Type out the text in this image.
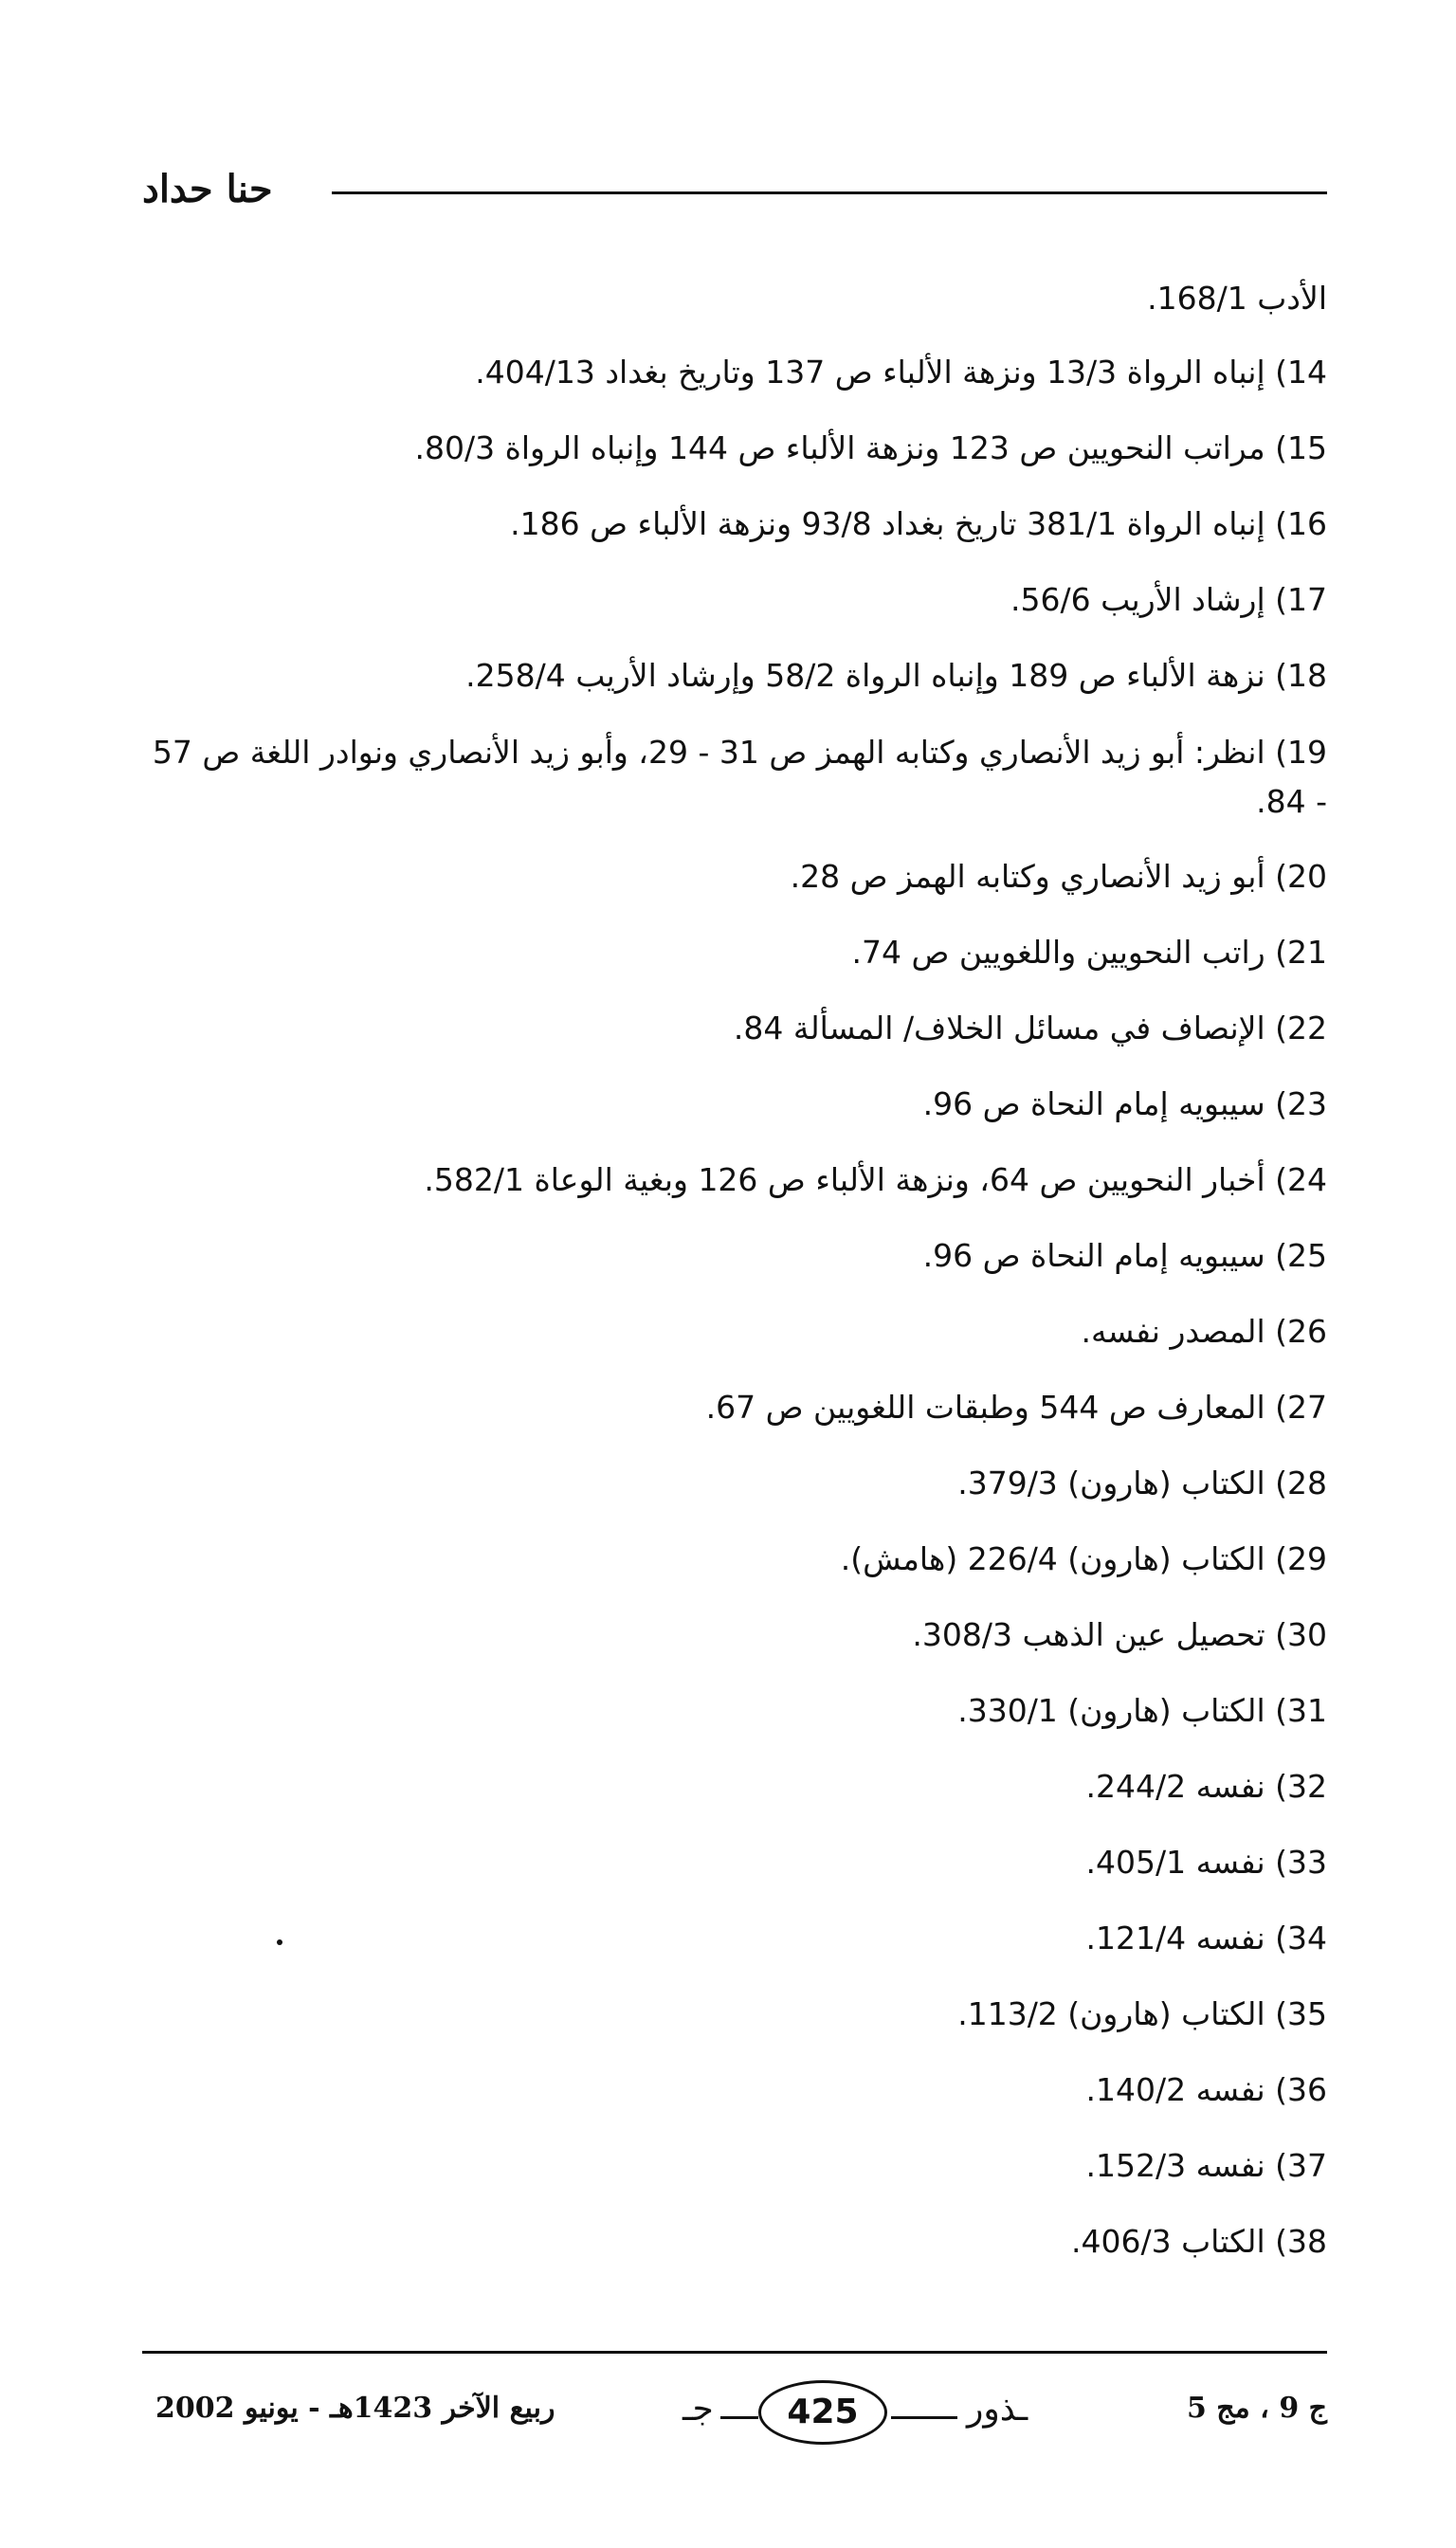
حنا حداد
الأدب 168/1.
14) إنباه الرواة 13/3 ونزهة الألباء ص 137 وتاريخ بغداد 404/13.
15) مراتب النحويين ص 123 ونزهة الألباء ص 144 وإنباه الرواة 80/3.
16) إنباه الرواة 381/1 تاريخ بغداد 93/8 ونزهة الألباء ص 186.
17) إرشاد الأريب 56/6.
18) نزهة الألباء ص 189 وإنباه الرواة 58/2 وإرشاد الأريب 258/4.
19) انظر: أبو زيد الأنصاري وكتابه الهمز ص 31 - 29، وأبو زيد الأنصاري ونوادر اللغة ص 57 - 84.
20) أبو زيد الأنصاري وكتابه الهمز ص 28.
21) راتب النحويين واللغويين ص 74.
22) الإنصاف في مسائل الخلاف/ المسألة 84.
23) سيبويه إمام النحاة ص 96.
24) أخبار النحويين ص 64، ونزهة الألباء ص 126 وبغية الوعاة 582/1.
25) سيبويه إمام النحاة ص 96.
26) المصدر نفسه.
27) المعارف ص 544 وطبقات اللغويين ص 67.
28) الكتاب (هارون) 379/3.
29) الكتاب (هارون) 226/4 (هامش).
30) تحصيل عين الذهب 308/3.
31) الكتاب (هارون) 330/1.
32) نفسه 244/2.
33) نفسه 405/1.
34) نفسه 121/4.
35) الكتاب (هارون) 113/2.
36) نفسه 140/2.
37) نفسه 152/3.
38) الكتاب 406/3.
ج 9 ، مج 5
جـ	425	ـذور
ربيع الآخر 1423هـ - يونيو 2002
